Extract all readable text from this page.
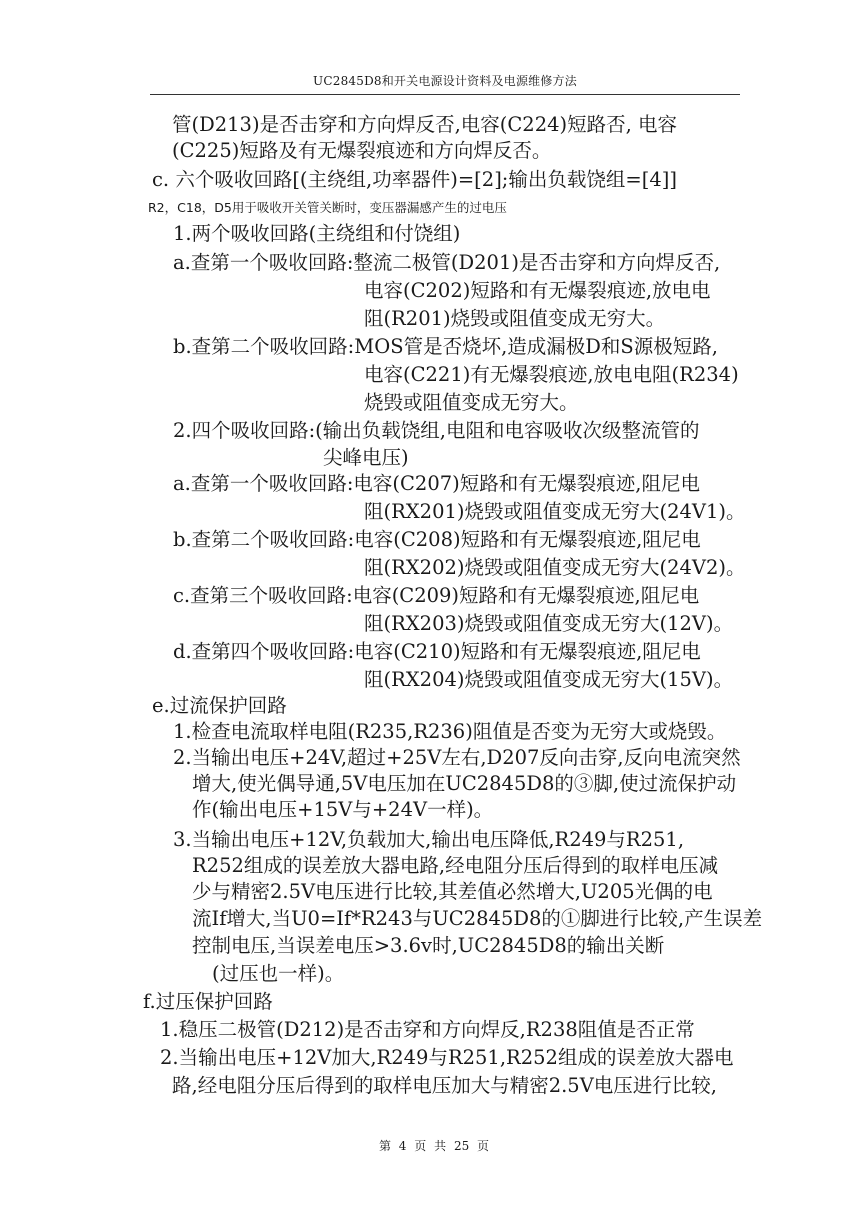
UC2845D8和开关电源设计资料及电源维修方法
管(D213)是否击穿和方向焊反否,电容(C224)短路否, 电容
(C225)短路及有无爆裂痕迹和方向焊反否。
c. 六个吸收回路[(主绕组,功率器件)=[2];输出负载饶组=[4]]
R2，C18，D5用于吸收开关管关断时，变压器漏感产生的过电压
1.两个吸收回路(主绕组和付饶组)
a.查第一个吸收回路:整流二极管(D201)是否击穿和方向焊反否,
电容(C202)短路和有无爆裂痕迹,放电电
阻(R201)烧毁或阻值变成无穷大。
b.查第二个吸收回路:MOS管是否烧坏,造成漏极D和S源极短路,
电容(C221)有无爆裂痕迹,放电电阻(R234)
烧毁或阻值变成无穷大。
2.四个吸收回路:(输出负载饶组,电阻和电容吸收次级整流管的
尖峰电压)
a.查第一个吸收回路:电容(C207)短路和有无爆裂痕迹,阻尼电
阻(RX201)烧毁或阻值变成无穷大(24V1)。
b.查第二个吸收回路:电容(C208)短路和有无爆裂痕迹,阻尼电
阻(RX202)烧毁或阻值变成无穷大(24V2)。
c.查第三个吸收回路:电容(C209)短路和有无爆裂痕迹,阻尼电
阻(RX203)烧毁或阻值变成无穷大(12V)。
d.查第四个吸收回路:电容(C210)短路和有无爆裂痕迹,阻尼电
阻(RX204)烧毁或阻值变成无穷大(15V)。
e.过流保护回路
1.检查电流取样电阻(R235,R236)阻值是否变为无穷大或烧毁。
2.当输出电压+24V,超过+25V左右,D207反向击穿,反向电流突然
增大,使光偶导通,5V电压加在UC2845D8的③脚,使过流保护动
作(输出电压+15V与+24V一样)。
3.当输出电压+12V,负载加大,输出电压降低,R249与R251,
R252组成的误差放大器电路,经电阻分压后得到的取样电压减
少与精密2.5V电压进行比较,其差值必然增大,U205光偶的电
流If增大,当U0=If*R243与UC2845D8的①脚进行比较,产生误差
控制电压,当误差电压>3.6v时,UC2845D8的输出关断
(过压也一样)。
f.过压保护回路
1.稳压二极管(D212)是否击穿和方向焊反,R238阻值是否正常
2.当输出电压+12V加大,R249与R251,R252组成的误差放大器电
路,经电阻分压后得到的取样电压加大与精密2.5V电压进行比较,
第 4 页 共 25 页
